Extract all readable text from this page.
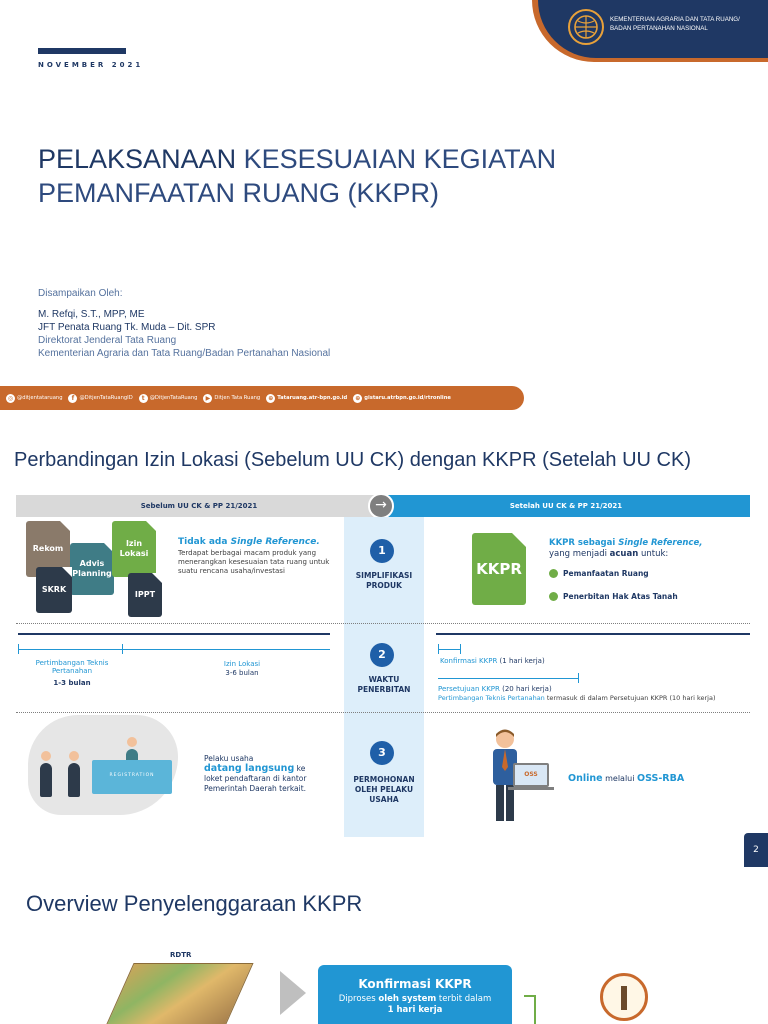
NOVEMBER 2021
KEMENTERIAN AGRARIA DAN TATA RUANG/
BADAN PERTANAHAN NASIONAL
PELAKSANAAN KESESUAIAN KEGIATAN
PEMANFAATAN RUANG (KKPR)
Disampaikan Oleh:
M. Refqi, S.T., MPP, ME
JFT Penata Ruang Tk. Muda – Dit. SPR
Direktorat Jenderal Tata Ruang
Kementerian Agraria dan Tata Ruang/Badan Pertanahan Nasional
◎ @ditjentataruang	f @DitjenTataRuangID	t @DitjenTataRuang	▶ Ditjen Tata Ruang	⊕ Tataruang.atr-bpn.go.id	⊕ gistaru.atrbpn.go.id/rtronline
Perbandingan Izin Lokasi (Sebelum UU CK) dengan KKPR (Setelah UU CK)
Sebelum UU CK & PP 21/2021	Setelah UU CK & PP 21/2021
→
Rekom
Advis Planning
Izin Lokasi
SKRK
IPPT
Tidak ada Single Reference.
Terdapat berbagai macam produk yang menerangkan kesesuaian tata ruang untuk suatu rencana usaha/investasi
1
SIMPLIFIKASI PRODUK
KKPR
KKPR sebagai Single Reference,
yang menjadi acuan untuk:
Pemanfaatan Ruang
Penerbitan Hak Atas Tanah
Pertimbangan Teknis Pertanahan
1-3 bulan
Izin Lokasi
3-6 bulan
2
WAKTU PENERBITAN
Konfirmasi KKPR (1 hari kerja)
Persetujuan KKPR (20 hari kerja)
Pertimbangan Teknis Pertanahan termasuk di dalam Persetujuan KKPR (10 hari kerja)
REGISTRATION
Pelaku usaha
datang langsung ke
loket pendaftaran di kantor Pemerintah Daerah terkait.
3
PERMOHONAN OLEH PELAKU USAHA
OSS	Online melalui OSS-RBA
2
Overview Penyelenggaraan KKPR
RDTR
Konfirmasi KKPR
Diproses oleh system terbit dalam
1 hari kerja
